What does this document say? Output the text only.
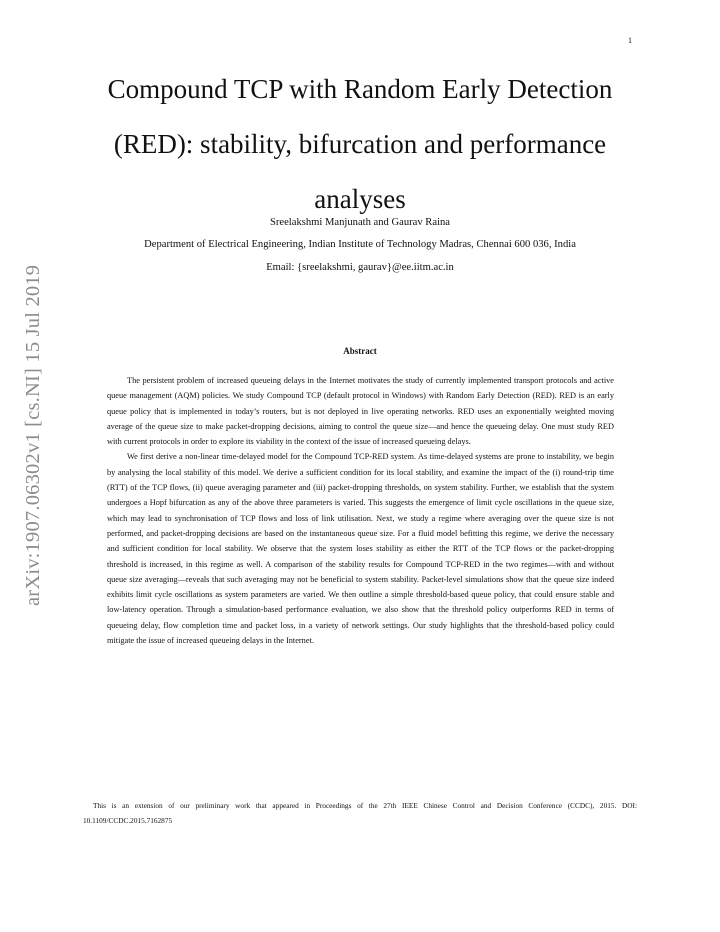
1
arXiv:1907.06302v1 [cs.NI] 15 Jul 2019
Compound TCP with Random Early Detection
(RED): stability, bifurcation and performance
analyses
Sreelakshmi Manjunath and Gaurav Raina
Department of Electrical Engineering, Indian Institute of Technology Madras, Chennai 600 036, India
Email: {sreelakshmi, gaurav}@ee.iitm.ac.in
Abstract

The persistent problem of increased queueing delays in the Internet motivates the study of currently implemented transport protocols and active queue management (AQM) policies. We study Compound TCP (default protocol in Windows) with Random Early Detection (RED). RED is an early queue policy that is implemented in today’s routers, but is not deployed in live operating networks. RED uses an exponentially weighted moving average of the queue size to make packet-dropping decisions, aiming to control the queue size—and hence the queueing delay. One must study RED with current protocols in order to explore its viability in the context of the issue of increased queueing delays.

We first derive a non-linear time-delayed model for the Compound TCP-RED system. As time-delayed systems are prone to instability, we begin by analysing the local stability of this model. We derive a sufficient condition for its local stability, and examine the impact of the (i) round-trip time (RTT) of the TCP flows, (ii) queue averaging parameter and (iii) packet-dropping thresholds, on system stability. Further, we establish that the system undergoes a Hopf bifurcation as any of the above three parameters is varied. This suggests the emergence of limit cycle oscillations in the queue size, which may lead to synchronisation of TCP flows and loss of link utilisation. Next, we study a regime where averaging over the queue size is not performed, and packet-dropping decisions are based on the instantaneous queue size. For a fluid model befitting this regime, we derive the necessary and sufficient condition for local stability. We observe that the system loses stability as either the RTT of the TCP flows or the packet-dropping threshold is increased, in this regime as well. A comparison of the stability results for Compound TCP-RED in the two regimes—with and without queue size averaging—reveals that such averaging may not be beneficial to system stability. Packet-level simulations show that the queue size indeed exhibits limit cycle oscillations as system parameters are varied. We then outline a simple threshold-based queue policy, that could ensure stable and low-latency operation. Through a simulation-based performance evaluation, we also show that the threshold policy outperforms RED in terms of queueing delay, flow completion time and packet loss, in a variety of network settings. Our study highlights that the threshold-based policy could mitigate the issue of increased queueing delays in the Internet.

This is an extension of our preliminary work that appeared in Proceedings of the 27th IEEE Chinese Control and Decision Conference (CCDC), 2015. DOI: 10.1109/CCDC.2015.7162875
